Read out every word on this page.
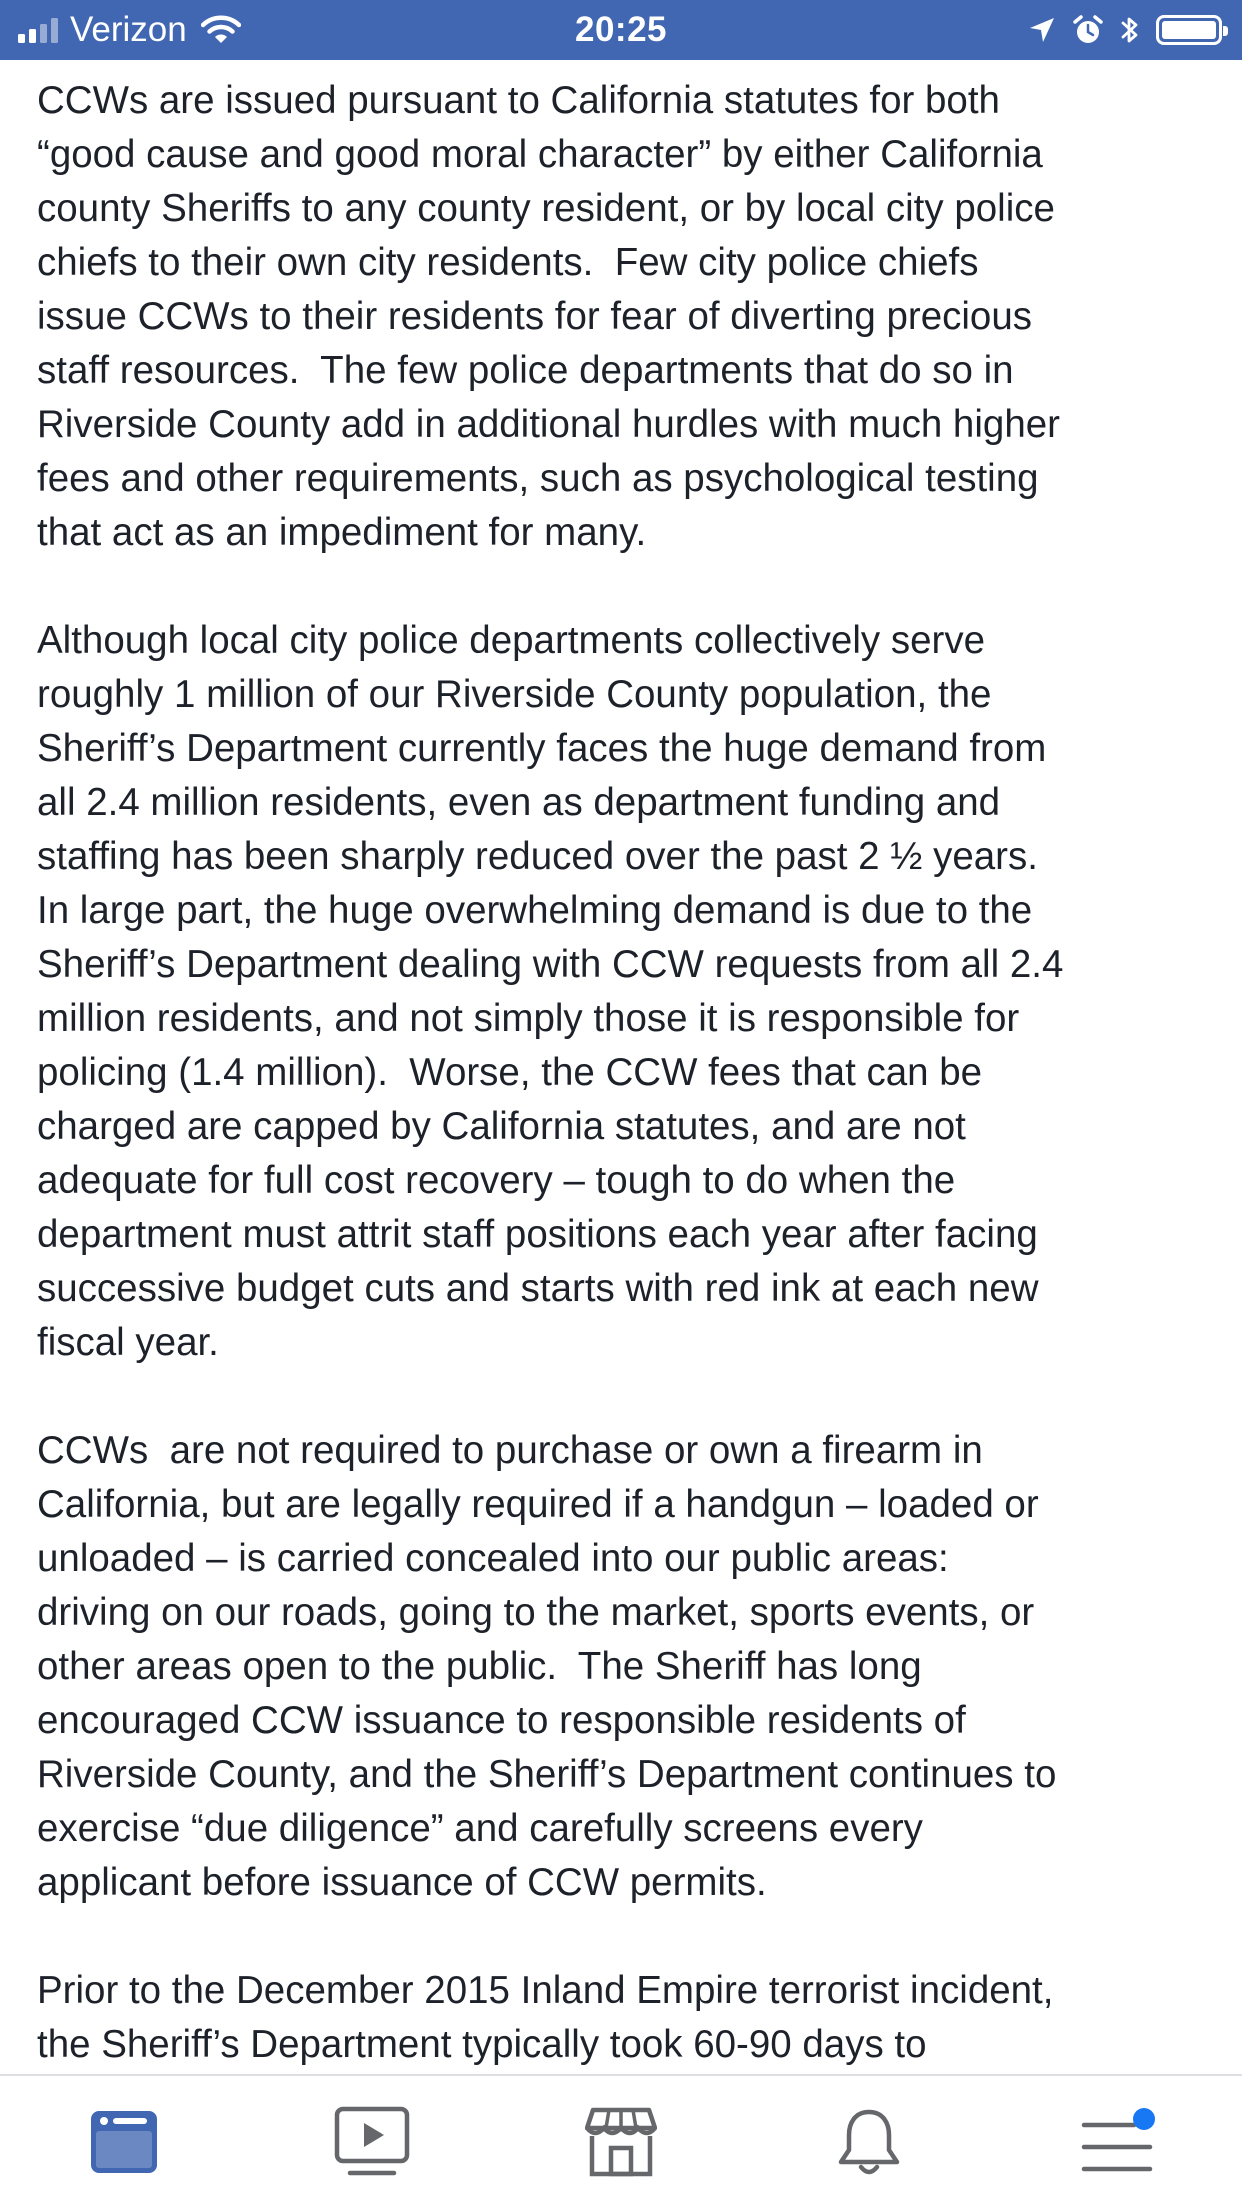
Verizon	20:25

CCWs are issued pursuant to California statutes for both
“good cause and good moral character” by either California
county Sheriffs to any county resident, or by local city police
chiefs to their own city residents.  Few city police chiefs
issue CCWs to their residents for fear of diverting precious
staff resources.  The few police departments that do so in
Riverside County add in additional hurdles with much higher
fees and other requirements, such as psychological testing
that act as an impediment for many.

Although local city police departments collectively serve
roughly 1 million of our Riverside County population, the
Sheriff’s Department currently faces the huge demand from
all 2.4 million residents, even as department funding and
staffing has been sharply reduced over the past 2 ½ years.
In large part, the huge overwhelming demand is due to the
Sheriff’s Department dealing with CCW requests from all 2.4
million residents, and not simply those it is responsible for
policing (1.4 million).  Worse, the CCW fees that can be
charged are capped by California statutes, and are not
adequate for full cost recovery – tough to do when the
department must attrit staff positions each year after facing
successive budget cuts and starts with red ink at each new
fiscal year.

CCWs  are not required to purchase or own a firearm in
California, but are legally required if a handgun – loaded or
unloaded – is carried concealed into our public areas:
driving on our roads, going to the market, sports events, or
other areas open to the public.  The Sheriff has long
encouraged CCW issuance to responsible residents of
Riverside County, and the Sheriff’s Department continues to
exercise “due diligence” and carefully screens every
applicant before issuance of CCW permits.

Prior to the December 2015 Inland Empire terrorist incident,
the Sheriff’s Department typically took 60-90 days to
